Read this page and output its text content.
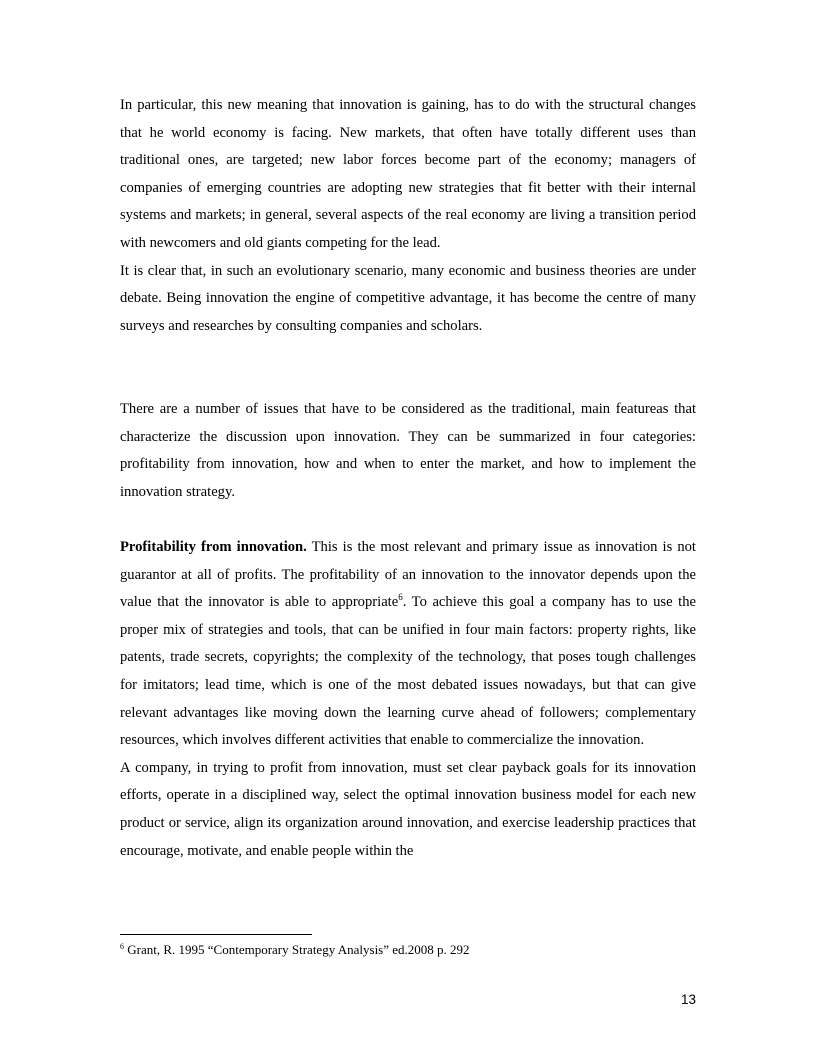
In particular, this new meaning that innovation is gaining, has to do with the structural changes that he world economy is facing. New markets, that often have totally different uses than traditional ones, are targeted; new labor forces become part of the economy; managers of companies of emerging countries are adopting new strategies that fit better with their internal systems and markets; in general, several aspects of the real economy are living a transition period with newcomers and old giants competing for the lead.

It is clear that, in such an evolutionary scenario, many economic and business theories are under debate. Being innovation the engine of competitive advantage, it has become the centre of many surveys and researches by consulting companies and scholars.

There are a number of issues that have to be considered as the traditional, main featureas that characterize the discussion upon innovation. They can be summarized in four categories: profitability from innovation, how and when to enter the market, and how to implement the innovation strategy.

Profitability from innovation. This is the most relevant and primary issue as innovation is not guarantor at all of profits. The profitability of an innovation to the innovator depends upon the value that the innovator is able to appropriate$^6$. To achieve this goal a company has to use the proper mix of strategies and tools, that can be unified in four main factors: property rights, like patents, trade secrets, copyrights; the complexity of the technology, that poses tough challenges for imitators; lead time, which is one of the most debated issues nowadays, but that can give relevant advantages like moving down the learning curve ahead of followers; complementary resources, which involves different activities that enable to commercialize the innovation.

A company, in trying to profit from innovation, must set clear payback goals for its innovation efforts, operate in a disciplined way, select the optimal innovation business model for each new product or service, align its organization around innovation, and exercise leadership practices that encourage, motivate, and enable people within the

$^6$ Grant, R. 1995 “Contemporary Strategy Analysis” ed.2008 p. 292
13
